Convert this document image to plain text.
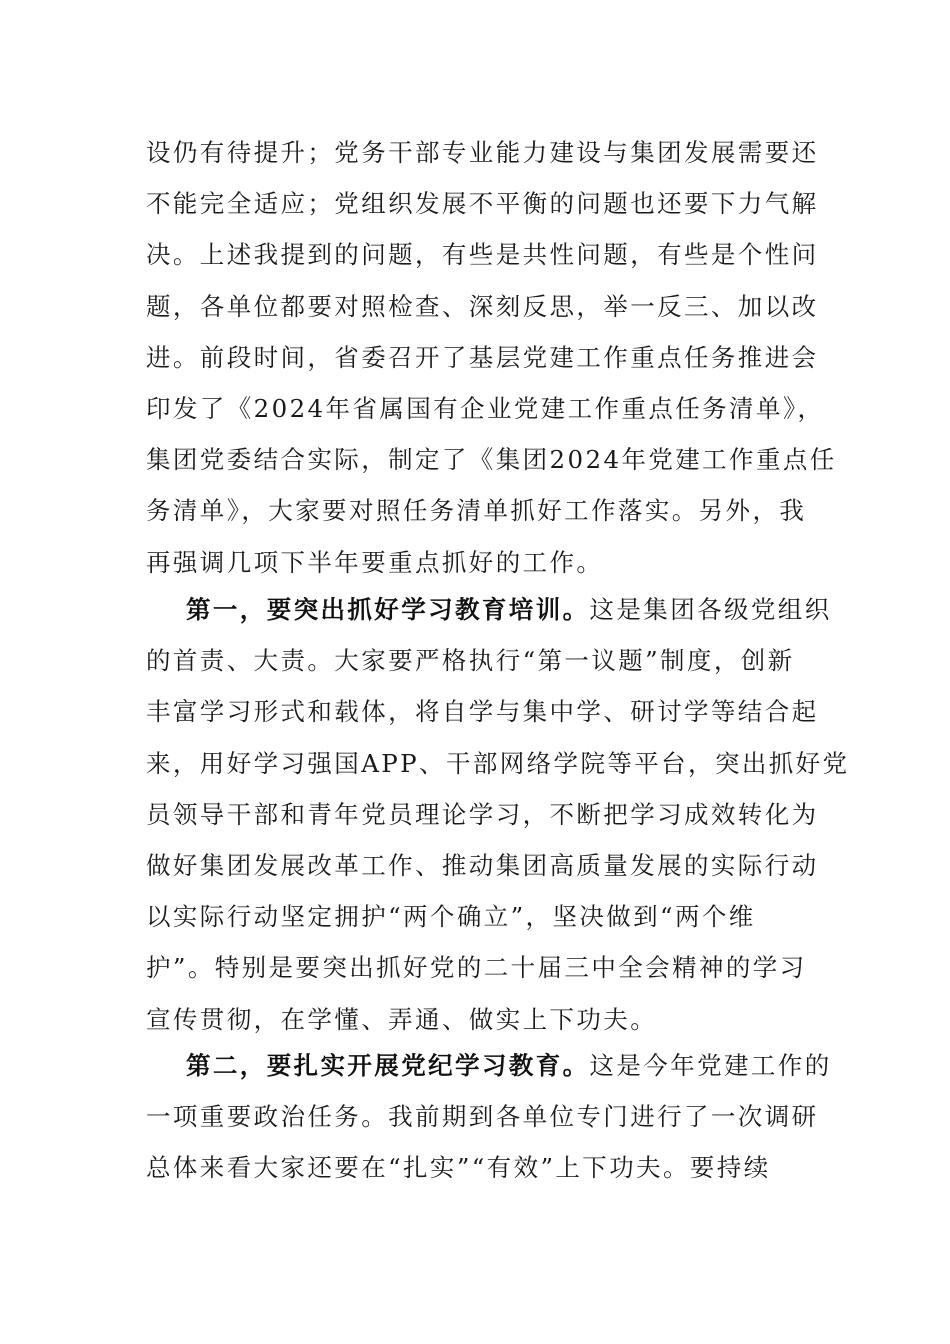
设仍有待提升；党务干部专业能力建设与集团发展需要还
不能完全适应；党组织发展不平衡的问题也还要下力气解
决。上述我提到的问题，有些是共性问题，有些是个性问
题，各单位都要对照检查、深刻反思，举一反三、加以改
进。前段时间，省委召开了基层党建工作重点任务推进会
印发了《2024年省属国有企业党建工作重点任务清单》，
集团党委结合实际，制定了《集团2024年党建工作重点任
务清单》，大家要对照任务清单抓好工作落实。另外，我
再强调几项下半年要重点抓好的工作。
第一，要突出抓好学习教育培训。这是集团各级党组织
的首责、大责。大家要严格执行“第一议题”制度，创新
丰富学习形式和载体，将自学与集中学、研讨学等结合起
来，用好学习强国APP、干部网络学院等平台，突出抓好党
员领导干部和青年党员理论学习，不断把学习成效转化为
做好集团发展改革工作、推动集团高质量发展的实际行动
以实际行动坚定拥护“两个确立”，坚决做到“两个维
护”。特别是要突出抓好党的二十届三中全会精神的学习
宣传贯彻，在学懂、弄通、做实上下功夫。
第二，要扎实开展党纪学习教育。这是今年党建工作的
一项重要政治任务。我前期到各单位专门进行了一次调研
总体来看大家还要在“扎实”“有效”上下功夫。要持续
